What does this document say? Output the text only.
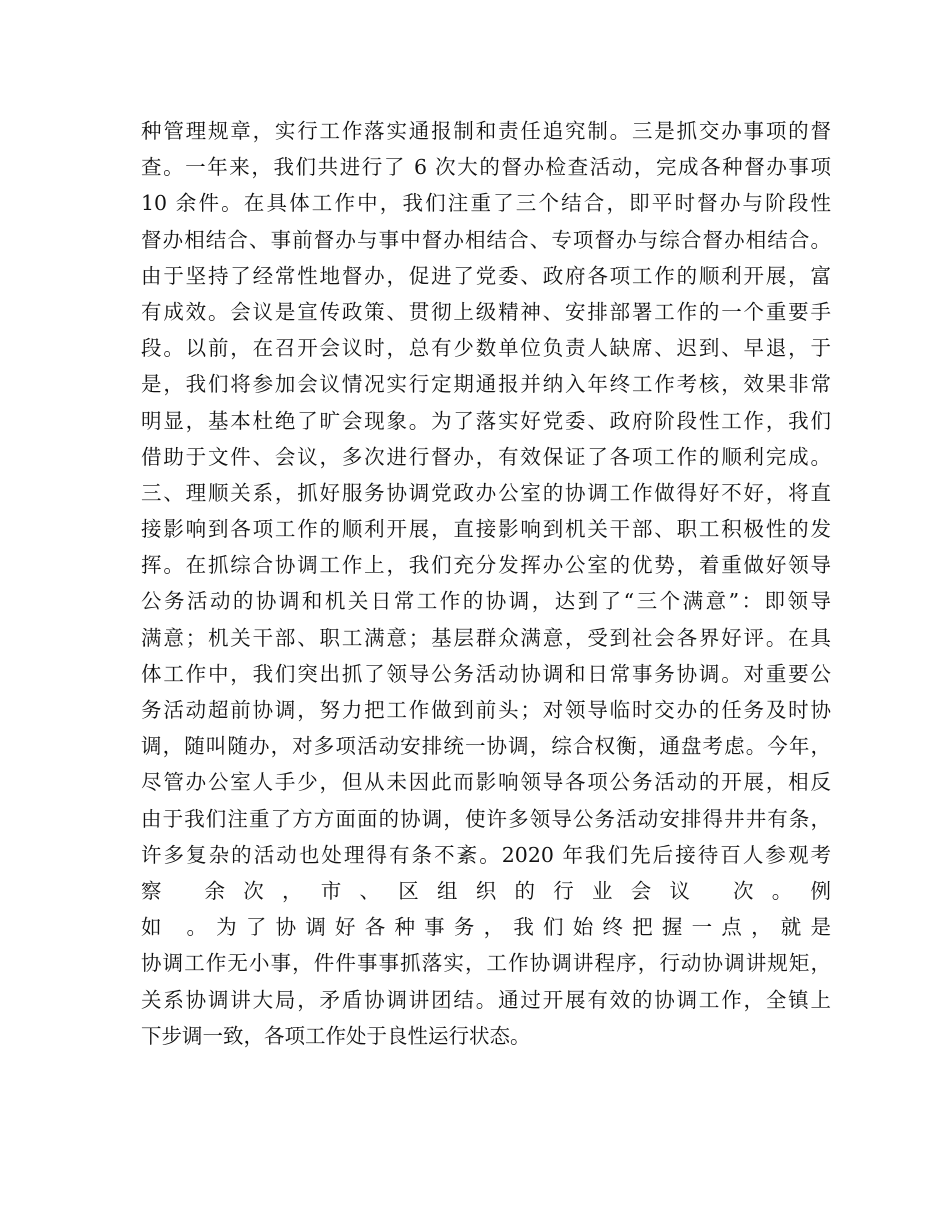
种管理规章，实行工作落实通报制和责任追究制。三是抓交办事项的督
查。一年来，我们共进行了 6 次大的督办检查活动，完成各种督办事项
10 余件。在具体工作中，我们注重了三个结合，即平时督办与阶段性
督办相结合、事前督办与事中督办相结合、专项督办与综合督办相结合。
由于坚持了经常性地督办，促进了党委、政府各项工作的顺利开展，富
有成效。会议是宣传政策、贯彻上级精神、安排部署工作的一个重要手
段。以前，在召开会议时，总有少数单位负责人缺席、迟到、早退，于
是，我们将参加会议情况实行定期通报并纳入年终工作考核，效果非常
明显，基本杜绝了旷会现象。为了落实好党委、政府阶段性工作，我们
借助于文件、会议，多次进行督办，有效保证了各项工作的顺利完成。
三、理顺关系，抓好服务协调党政办公室的协调工作做得好不好，将直
接影响到各项工作的顺利开展，直接影响到机关干部、职工积极性的发
挥。在抓综合协调工作上，我们充分发挥办公室的优势，着重做好领导
公务活动的协调和机关日常工作的协调，达到了“三个满意”：即领导
满意；机关干部、职工满意；基层群众满意，受到社会各界好评。在具
体工作中，我们突出抓了领导公务活动协调和日常事务协调。对重要公
务活动超前协调，努力把工作做到前头；对领导临时交办的任务及时协
调，随叫随办，对多项活动安排统一协调，综合权衡，通盘考虑。今年，
尽管办公室人手少，但从未因此而影响领导各项公务活动的开展，相反
由于我们注重了方方面面的协调，使许多领导公务活动安排得井井有条，
许多复杂的活动也处理得有条不紊。2020 年我们先后接待百人参观考
察 余次，市、区组织的行业会议 次。例
如 。为了协调好各种事务，我们始终把握一点，就是
协调工作无小事，件件事事抓落实，工作协调讲程序，行动协调讲规矩，
关系协调讲大局，矛盾协调讲团结。通过开展有效的协调工作，全镇上
下步调一致，各项工作处于良性运行状态。
